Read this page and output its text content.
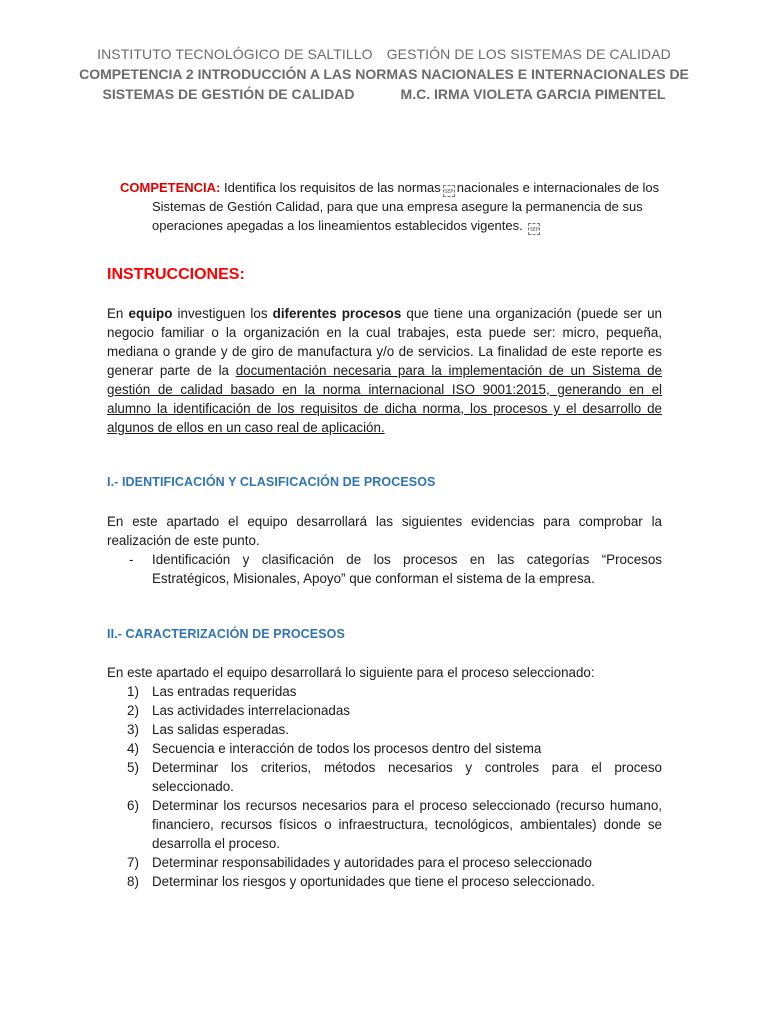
INSTITUTO TECNOLÓGICO DE SALTILLO GESTIÓN DE LOS SISTEMAS DE CALIDAD
COMPETENCIA 2 INTRODUCCIÓN A LAS NORMAS NACIONALES E INTERNACIONALES DE
SISTEMAS DE GESTIÓN DE CALIDAD	M.C. IRMA VIOLETA GARCIA PIMENTEL
COMPETENCIA: Identifica los requisitos de las normas SEP nacionales e internacionales de los
Sistemas de Gestión Calidad, para que una empresa asegure la permanencia de sus
operaciones apegadas a los lineamientos establecidos vigentes. SEP
INSTRUCCIONES:
En equipo investiguen los diferentes procesos que tiene una organización (puede ser un negocio familiar o la organización en la cual trabajes, esta puede ser: micro, pequeña, mediana o grande y de giro de manufactura y/o de servicios. La finalidad de este reporte es generar parte de la documentación necesaria para la implementación de un Sistema de gestión de calidad basado en la norma internacional ISO 9001:2015, generando en el alumno la identificación de los requisitos de dicha norma, los procesos y el desarrollo de algunos de ellos en un caso real de aplicación.
I.- IDENTIFICACIÓN Y CLASIFICACIÓN DE PROCESOS
En este apartado el equipo desarrollará las siguientes evidencias para comprobar la realización de este punto.
-	Identificación y clasificación de los procesos en las categorías “Procesos Estratégicos, Misionales, Apoyo” que conforman el sistema de la empresa.
II.- CARACTERIZACIÓN DE PROCESOS
En este apartado el equipo desarrollará lo siguiente para el proceso seleccionado:
1) Las entradas requeridas
2) Las actividades interrelacionadas
3) Las salidas esperadas.
4) Secuencia e interacción de todos los procesos dentro del sistema
5) Determinar los criterios, métodos necesarios y controles para el proceso seleccionado.
6) Determinar los recursos necesarios para el proceso seleccionado (recurso humano, financiero, recursos físicos o infraestructura, tecnológicos, ambientales) donde se desarrolla el proceso.
7) Determinar responsabilidades y autoridades para el proceso seleccionado
8) Determinar los riesgos y oportunidades que tiene el proceso seleccionado.
